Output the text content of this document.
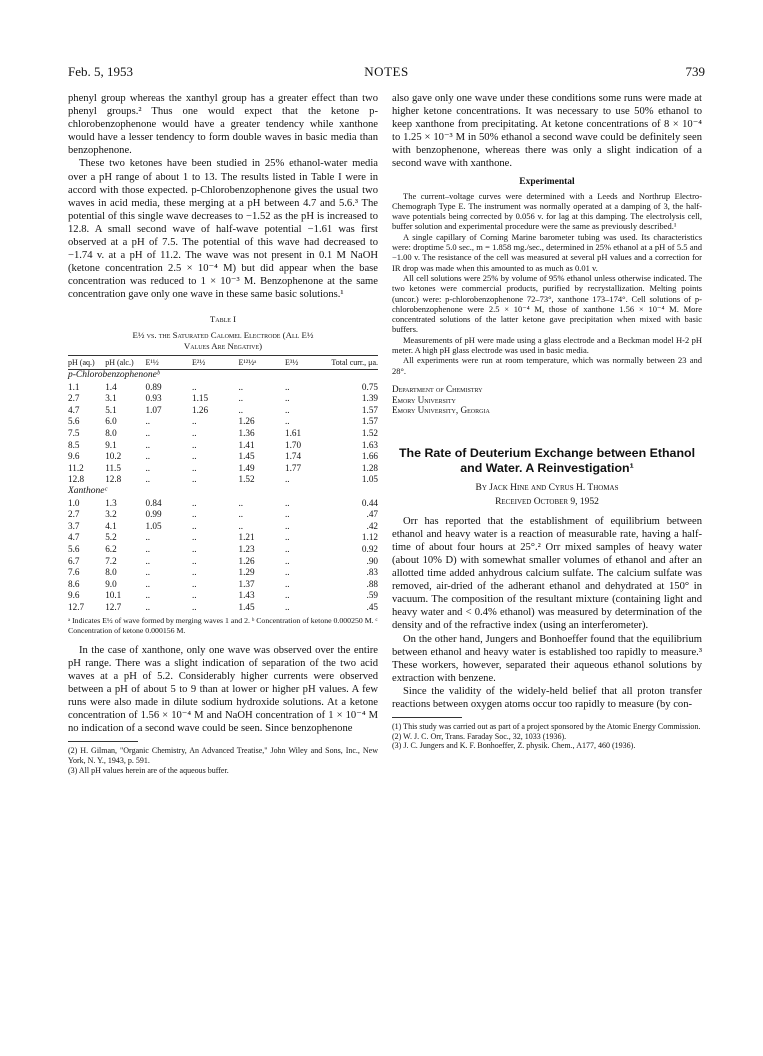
Feb. 5, 1953	NOTES	739

phenyl group whereas the xanthyl group has a greater effect than two phenyl groups.² Thus one would expect that the ketone p-chlorobenzophenone would have a greater tendency while xanthone would have a lesser tendency to form double waves in basic media than benzophenone.

These two ketones have been studied in 25% ethanol-water media over a pH range of about 1 to 13. The results listed in Table I were in accord with those expected. p-Chlorobenzophenone gives the usual two waves in acid media, these merging at a pH between 4.7 and 5.6.³ The potential of this single wave decreases to −1.52 as the pH is increased to 12.8. A small second wave of half-wave potential −1.61 was first observed at a pH of 7.5. The potential of this wave had decreased to −1.74 v. at a pH of 11.2. The wave was not present in 0.1 M NaOH (ketone concentration 2.5 × 10⁻⁴ M) but did appear when the base concentration was reduced to 1 × 10⁻³ M. Benzophenone at the same concentration gave only one wave in these same basic solutions.¹

Table I
E½ vs. the Saturated Calomel Electrode (All E½
Values Are Negative)
pH (aq.)	pH (alc.)	E¹½	E²½	E¹²½ᵃ	E³½	Total curr., μa.
p-Chlorobenzophenoneᵇ						
1.1	1.4	0.89	..	..	..	0.75
2.7	3.1	0.93	1.15	..	..	1.39
4.7	5.1	1.07	1.26	..	..	1.57
5.6	6.0	..	..	1.26	..	1.57
7.5	8.0	..	..	1.36	1.61	1.52
8.5	9.1	..	..	1.41	1.70	1.63
9.6	10.2	..	..	1.45	1.74	1.66
11.2	11.5	..	..	1.49	1.77	1.28
12.8	12.8	..	..	1.52	..	1.05
Xanthoneᶜ						
1.0	1.3	0.84	..	..	..	0.44
2.7	3.2	0.99	..	..	..	.47
3.7	4.1	1.05	..	..	..	.42
4.7	5.2	..	..	1.21	..	1.12
5.6	6.2	..	..	1.23	..	0.92
6.7	7.2	..	..	1.26	..	.90
7.6	8.0	..	..	1.29	..	.83
8.6	9.0	..	..	1.37	..	.88
9.6	10.1	..	..	1.43	..	.59
12.7	12.7	..	..	1.45	..	.45
ᵃ Indicates E½ of wave formed by merging waves 1 and 2. ᵇ Concentration of ketone 0.000250 M. ᶜ Concentration of ketone 0.000156 M.

In the case of xanthone, only one wave was observed over the entire pH range. There was a slight indication of separation of the two acid waves at a pH of 5.2. Considerably higher currents were observed between a pH of about 5 to 9 than at lower or higher pH values. A few runs were also made in dilute sodium hydroxide solutions. At a ketone concentration of 1.56 × 10⁻⁴ M and NaOH concentration of 1 × 10⁻⁴ M no indication of a second wave could be seen. Since benzophenone

(2) H. Gilman, "Organic Chemistry, An Advanced Treatise," John Wiley and Sons, Inc., New York, N. Y., 1943, p. 591.
(3) All pH values herein are of the aqueous buffer.

also gave only one wave under these conditions some runs were made at higher ketone concentrations. It was necessary to use 50% ethanol to keep xanthone from precipitating. At ketone concentrations of 8 × 10⁻⁴ to 1.25 × 10⁻³ M in 50% ethanol a second wave could be definitely seen with benzophenone, whereas there was only a slight indication of a second wave with xanthone.

Experimental

The current–voltage curves were determined with a Leeds and Northrup Electro-Chemograph Type E. The instrument was normally operated at a damping of 3, the half-wave potentials being corrected by 0.056 v. for lag at this damping. The electrolysis cell, buffer solution and experimental procedure were the same as previously described.¹

A single capillary of Corning Marine barometer tubing was used. Its characteristics were: droptime 5.0 sec., m = 1.858 mg./sec., determined in 25% ethanol at a pH of 5.5 and −1.00 v. The resistance of the cell was measured at several pH values and a correction for IR drop was made when this amounted to as much as 0.01 v.

All cell solutions were 25% by volume of 95% ethanol unless otherwise indicated. The two ketones were commercial products, purified by recrystallization. Melting points (uncor.) were: p-chlorobenzophenone 72–73°, xanthone 173–174°. Cell solutions of p-chlorobenzophenone were 2.5 × 10⁻⁴ M, those of xanthone 1.56 × 10⁻⁴ M. More concentrated solutions of the latter ketone gave precipitation when mixed with basic buffers.

Measurements of pH were made using a glass electrode and a Beckman model H-2 pH meter. A high pH glass electrode was used in basic media.

All experiments were run at room temperature, which was normally between 23 and 28°.

Department of Chemistry
Emory University
Emory University, Georgia
The Rate of Deuterium Exchange between Ethanol and Water. A Reinvestigation¹
By Jack Hine and Cyrus H. Thomas
Received October 9, 1952

Orr has reported that the establishment of equilibrium between ethanol and heavy water is a reaction of measurable rate, having a half-time of about four hours at 25°.² Orr mixed samples of heavy water (about 10% D) with somewhat smaller volumes of ethanol and after an allotted time added anhydrous calcium sulfate. The calcium sulfate was removed, air-dried of the adherant ethanol and dehydrated at 150° in vacuum. The composition of the resultant mixture (containing light and heavy water and < 0.4% ethanol) was measured by determination of the density and of the refractive index (using an interferometer).

On the other hand, Jungers and Bonhoeffer found that the equilibrium between ethanol and heavy water is established too rapidly to measure.³ These workers, however, separated their aqueous ethanol solutions by extraction with benzene.

Since the validity of the widely-held belief that all proton transfer reactions between oxygen atoms occur too rapidly to measure (by con-

(1) This study was carried out as part of a project sponsored by the Atomic Energy Commission.
(2) W. J. C. Orr, Trans. Faraday Soc., 32, 1033 (1936).
(3) J. C. Jungers and K. F. Bonhoeffer, Z. physik. Chem., A177, 460 (1936).
